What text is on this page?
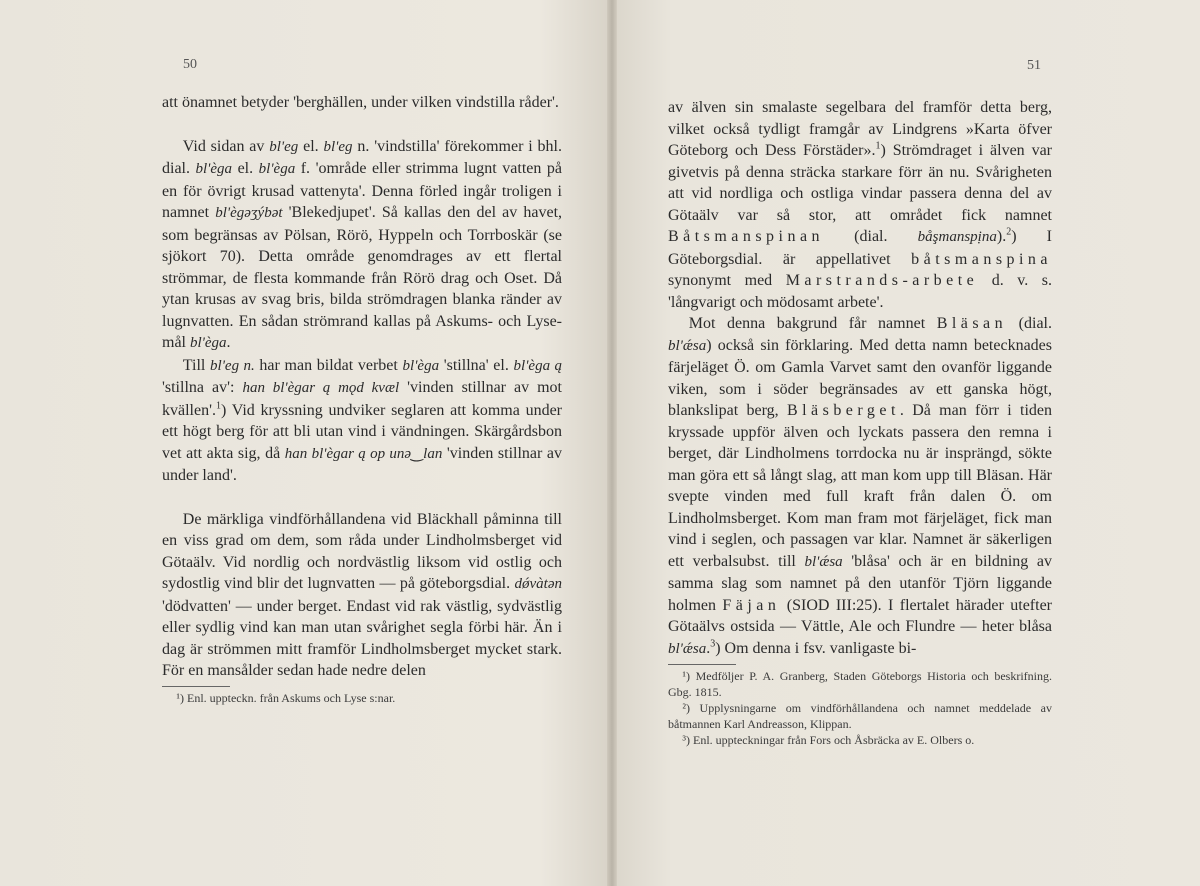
50

att önamnet betyder 'berghällen, under vilken vindstilla råder'.

Vid sidan av bl'eg el. bl'eg n. 'vindstilla' förekommer i bhl. dial. bl'èga el. bl'èga f. 'område eller strimma lugnt vatten på en för övrigt krusad vattenyta'. Denna förled ingår troligen i namnet bl'ègəʒýbət 'Blekedjupet'. Så kallas den del av havet, som begränsas av Pölsan, Rörö, Hyppeln och Torrboskär (se sjökort 70). Detta område genomdrages av ett flertal strömmar, de flesta kommande från Rörö drag och Oset. Då ytan krusas av svag bris, bilda strömdragen blanka ränder av lugnvatten. En sådan strömrand kallas på Askums- och Lyse-mål bl'èga.

Till bl'eg n. har man bildat verbet bl'èga 'stillna' el. bl'èga ą 'stillna av': han bl'ègar ą mǫd kvæl 'vinden stillnar av mot kvällen'.$^1$) Vid kryssning undviker seglaren att komma under ett högt berg för att bli utan vind i vändningen. Skärgårdsbon vet att akta sig, då han bl'ègar ą op unə‿lan 'vinden stillnar av under land'.

De märkliga vindförhållandena vid Bläckhall påminna till en viss grad om dem, som råda under Lindholmsberget vid Götaälv. Vid nordlig och nordvästlig liksom vid ostlig och sydostlig vind blir det lugnvatten — på göteborgsdial. dǿvàtən 'dödvatten' — under berget. Endast vid rak västlig, sydvästlig eller sydlig vind kan man utan svårighet segla förbi här. Än i dag är strömmen mitt framför Lindholmsberget mycket stark. För en mansålder sedan hade nedre delen

¹) Enl. uppteckn. från Askums och Lyse s:nar.

51

av älven sin smalaste segelbara del framför detta berg, vilket också tydligt framgår av Lindgrens »Karta öfver Göteborg och Dess Förstäder».$^1$) Strömdraget i älven var givetvis på denna sträcka starkare förr än nu. Svårigheten att vid nordliga och ostliga vindar passera denna del av Götaälv var så stor, att området fick namnet Båtsmanspinan (dial. båşmanspịna).$^2$) I Göteborgsdial. är appellativet båtsmanspina synonymt med Marstrands-arbete d. v. s. 'långvarigt och mödosamt arbete'.

Mot denna bakgrund får namnet Bläsan (dial. bl'ǽsa) också sin förklaring. Med detta namn betecknades färjeläget Ö. om Gamla Varvet samt den ovanför liggande viken, som i söder begränsades av ett ganska högt, blankslipat berg, Bläsberget. Då man förr i tiden kryssade uppför älven och lyckats passera den remna i berget, där Lindholmens torrdocka nu är insprängd, sökte man göra ett så långt slag, att man kom upp till Bläsan. Här svepte vinden med full kraft från dalen Ö. om Lindholmsberget. Kom man fram mot färjeläget, fick man vind i seglen, och passagen var klar. Namnet är säkerligen ett verbalsubst. till bl'ǽsa 'blåsa' och är en bildning av samma slag som namnet på den utanför Tjörn liggande holmen Fäjan (SIOD III:25). I flertalet härader utefter Götaälvs ostsida — Vättle, Ale och Flundre — heter blåsa bl'ǽsa.$^3$) Om denna i fsv. vanligaste bi-

¹) Medföljer P. A. Granberg, Staden Göteborgs Historia och beskrifning. Gbg. 1815.

²) Upplysningarne om vindförhållandena och namnet meddelade av båtmannen Karl Andreasson, Klippan.

³) Enl. uppteckningar från Fors och Åsbräcka av E. Olbers o.
